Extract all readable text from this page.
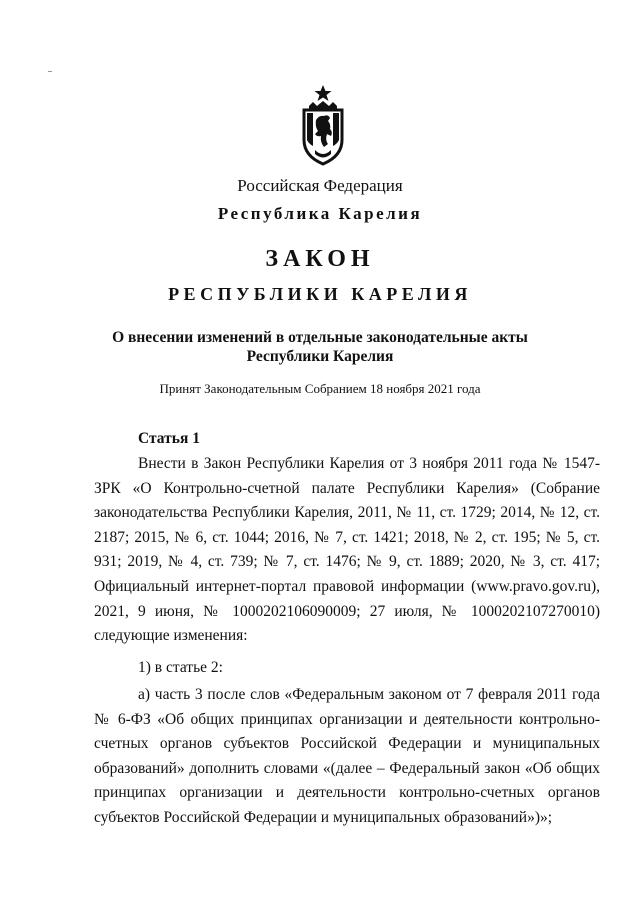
Российская Федерация
Республика Карелия
ЗАКОН
РЕСПУБЛИКИ КАРЕЛИЯ
О внесении изменений в отдельные законодательные акты
Республики Карелия
Принят Законодательным Собранием 18 ноября 2021 года
Статья 1
Внести в Закон Республики Карелия от 3 ноября 2011 года № 1547-ЗРК «О Контрольно-счетной палате Республики Карелия» (Собрание законодательства Республики Карелия, 2011, № 11, ст. 1729; 2014, № 12, ст. 2187; 2015, № 6, ст. 1044; 2016, № 7, ст. 1421; 2018, № 2, ст. 195; № 5, ст. 931; 2019, № 4, ст. 739; № 7, ст. 1476; № 9, ст. 1889; 2020, № 3, ст. 417; Официальный интернет-портал правовой информации (www.pravo.gov.ru), 2021, 9 июня, № 1000202106090009; 27 июля, № 1000202107270010) следующие изменения:
1) в статье 2:
а) часть 3 после слов «Федеральным законом от 7 февраля 2011 года № 6-ФЗ «Об общих принципах организации и деятельности контрольно-счетных органов субъектов Российской Федерации и муниципальных образований» дополнить словами «(далее – Федеральный закон «Об общих принципах организации и деятельности контрольно-счетных органов субъектов Российской Федерации и муниципальных образований»)»;
